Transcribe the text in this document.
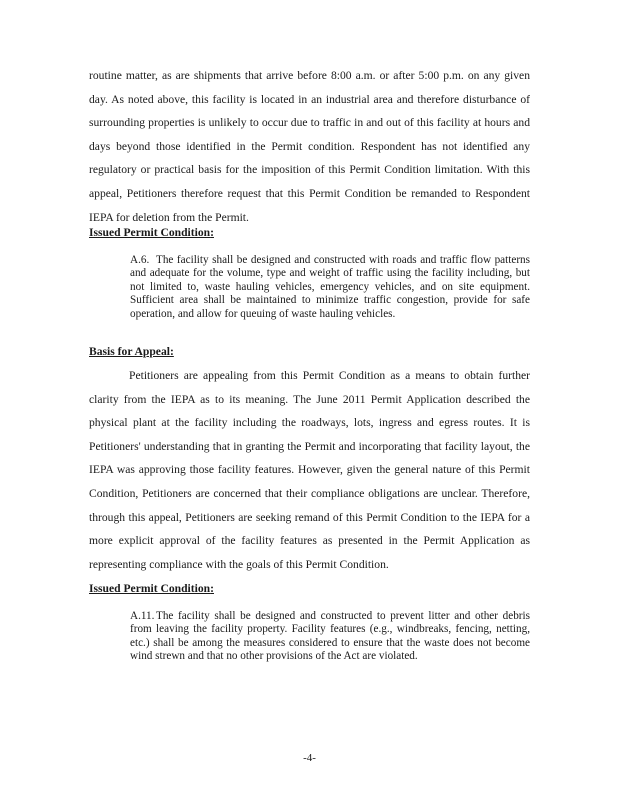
routine matter, as are shipments that arrive before 8:00 a.m. or after 5:00 p.m. on any given day. As noted above, this facility is located in an industrial area and therefore disturbance of surrounding properties is unlikely to occur due to traffic in and out of this facility at hours and days beyond those identified in the Permit condition. Respondent has not identified any regulatory or practical basis for the imposition of this Permit Condition limitation. With this appeal, Petitioners therefore request that this Permit Condition be remanded to Respondent IEPA for deletion from the Permit.

Issued Permit Condition:

A.6. The facility shall be designed and constructed with roads and traffic flow patterns and adequate for the volume, type and weight of traffic using the facility including, but not limited to, waste hauling vehicles, emergency vehicles, and on site equipment. Sufficient area shall be maintained to minimize traffic congestion, provide for safe operation, and allow for queuing of waste hauling vehicles.

Basis for Appeal:

Petitioners are appealing from this Permit Condition as a means to obtain further clarity from the IEPA as to its meaning. The June 2011 Permit Application described the physical plant at the facility including the roadways, lots, ingress and egress routes. It is Petitioners' understanding that in granting the Permit and incorporating that facility layout, the IEPA was approving those facility features. However, given the general nature of this Permit Condition, Petitioners are concerned that their compliance obligations are unclear. Therefore, through this appeal, Petitioners are seeking remand of this Permit Condition to the IEPA for a more explicit approval of the facility features as presented in the Permit Application as representing compliance with the goals of this Permit Condition.

Issued Permit Condition:

A.11. The facility shall be designed and constructed to prevent litter and other debris from leaving the facility property. Facility features (e.g., windbreaks, fencing, netting, etc.) shall be among the measures considered to ensure that the waste does not become wind strewn and that no other provisions of the Act are violated.

-4-
